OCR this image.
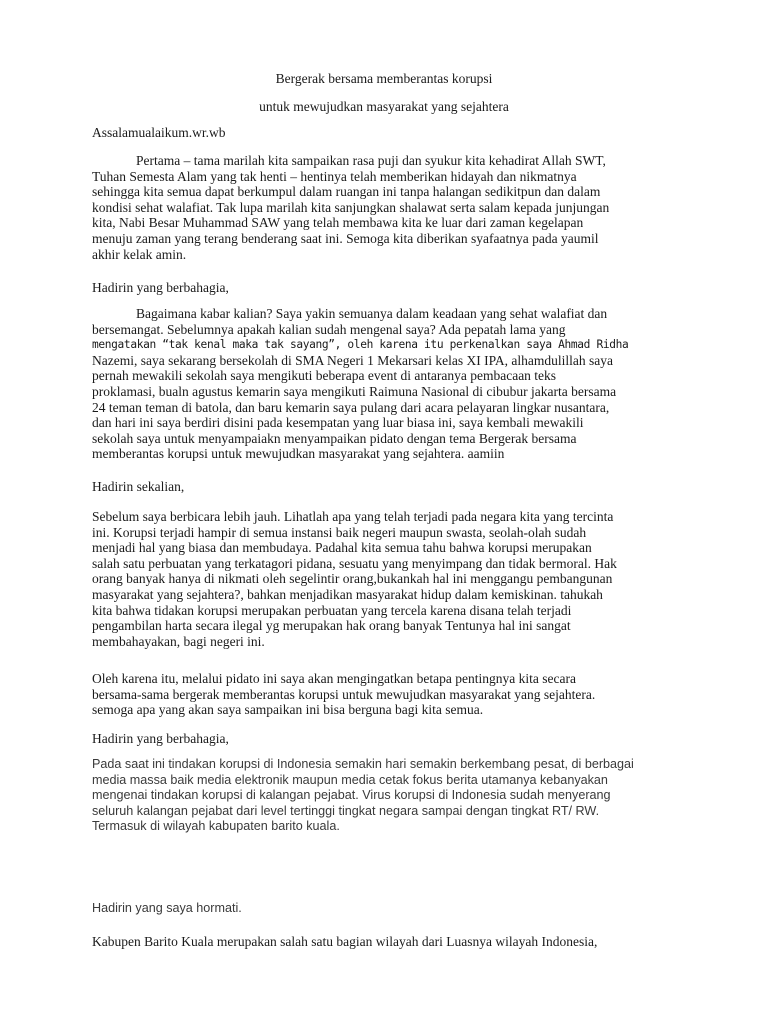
Bergerak bersama memberantas korupsi
untuk mewujudkan masyarakat yang sejahtera
Assalamualaikum.wr.wb
Pertama – tama marilah kita sampaikan rasa puji dan syukur kita kehadirat Allah SWT,
Tuhan Semesta Alam yang tak henti – hentinya telah memberikan hidayah dan nikmatnya
sehingga kita semua dapat berkumpul dalam ruangan ini tanpa halangan sedikitpun dan dalam
kondisi sehat walafiat. Tak lupa marilah kita sanjungkan shalawat serta salam kepada junjungan
kita, Nabi Besar Muhammad SAW yang telah membawa kita ke luar dari zaman kegelapan
menuju zaman yang terang benderang saat ini. Semoga kita diberikan syafaatnya pada yaumil
akhir kelak amin.
Hadirin yang berbahagia,
Bagaimana kabar kalian? Saya yakin semuanya dalam keadaan yang sehat walafiat dan
bersemangat. Sebelumnya apakah kalian sudah mengenal saya? Ada pepatah lama yang
mengatakan “tak kenal maka tak sayang”, oleh karena itu perkenalkan saya Ahmad Ridha
Nazemi, saya sekarang bersekolah di SMA Negeri 1 Mekarsari kelas XI IPA, alhamdulillah saya
pernah mewakili sekolah saya mengikuti beberapa event di antaranya pembacaan teks
proklamasi, bualn agustus kemarin saya mengikuti Raimuna Nasional di cibubur jakarta bersama
24 teman teman di batola, dan baru kemarin saya pulang dari acara pelayaran lingkar nusantara,
dan hari ini saya berdiri disini pada kesempatan yang luar biasa ini, saya kembali mewakili
sekolah saya untuk menyampaiakn menyampaikan pidato dengan tema Bergerak bersama
memberantas korupsi untuk mewujudkan masyarakat yang sejahtera. aamiin
Hadirin sekalian,
Sebelum saya berbicara lebih jauh. Lihatlah apa yang telah terjadi pada negara kita yang tercinta
ini. Korupsi terjadi hampir di semua instansi baik negeri maupun swasta, seolah-olah sudah
menjadi hal yang biasa dan membudaya. Padahal kita semua tahu bahwa korupsi merupakan
salah satu perbuatan yang terkatagori pidana, sesuatu yang menyimpang dan tidak bermoral. Hak
orang banyak hanya di nikmati oleh segelintir orang,bukankah hal ini menggangu pembangunan
masyarakat yang sejahtera?, bahkan menjadikan masyarakat hidup dalam kemiskinan. tahukah
kita bahwa tidakan korupsi merupakan perbuatan yang tercela karena disana telah terjadi
pengambilan harta secara ilegal yg merupakan hak orang banyak Tentunya hal ini sangat
membahayakan, bagi negeri ini.
Oleh karena itu, melalui pidato ini saya akan mengingatkan betapa pentingnya kita secara
bersama-sama bergerak memberantas korupsi untuk mewujudkan masyarakat yang sejahtera.
semoga apa yang akan saya sampaikan ini bisa berguna bagi kita semua.
Hadirin yang berbahagia,
Pada saat ini tindakan korupsi di Indonesia semakin hari semakin berkembang pesat, di berbagai
media massa baik media elektronik maupun media cetak fokus berita utamanya kebanyakan
mengenai tindakan korupsi di kalangan pejabat. Virus korupsi di Indonesia sudah menyerang
seluruh kalangan pejabat dari level tertinggi tingkat negara sampai dengan tingkat RT/ RW.
Termasuk di wilayah kabupaten barito kuala.
Hadirin yang saya hormati.
Kabupen Barito Kuala merupakan salah satu bagian wilayah dari Luasnya wilayah Indonesia,
